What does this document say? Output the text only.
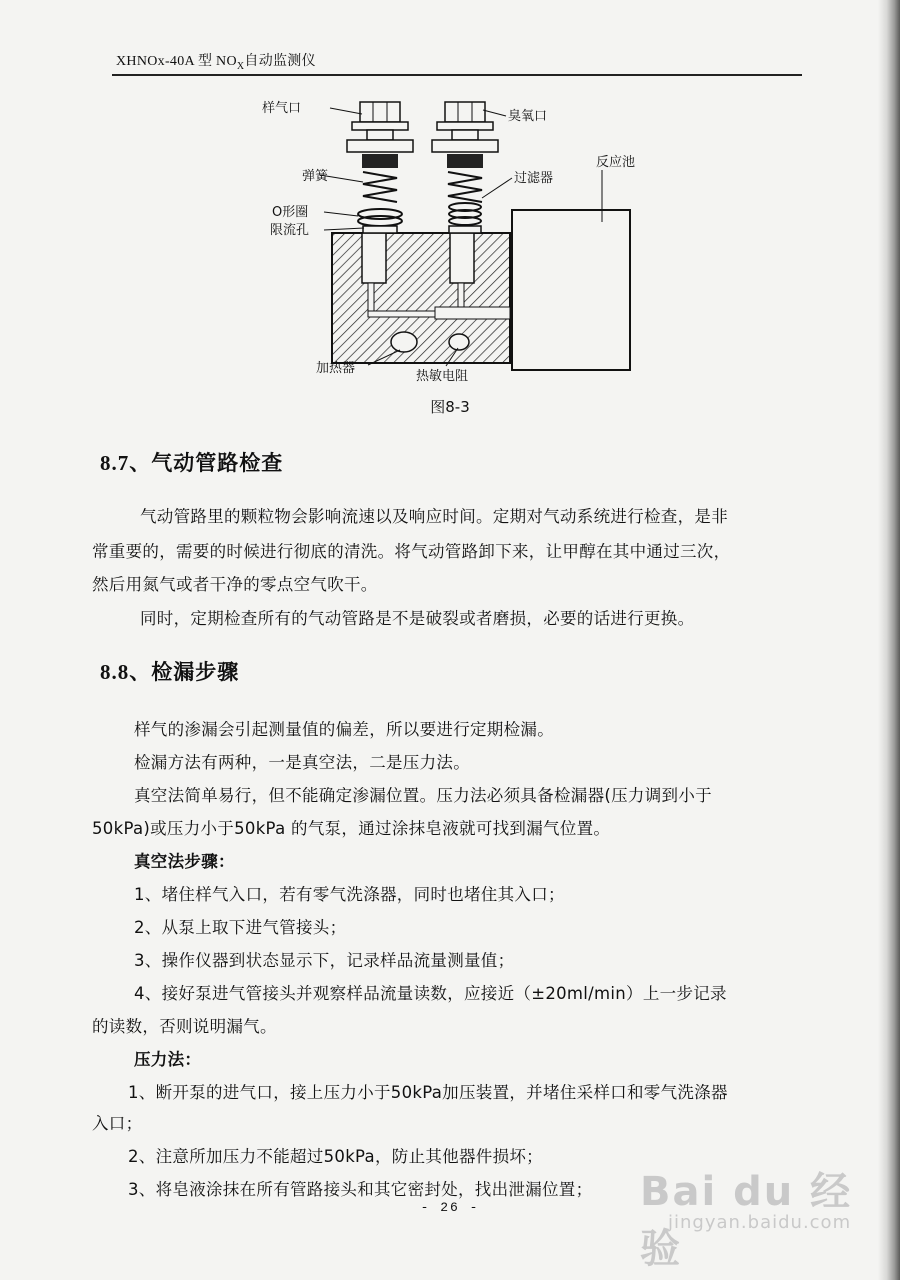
XHNOx-40A 型 $NO_X$自动监测仪
样气口
臭氧口
弹簧	过滤器
反应池
O形圈
限流孔
加热器
热敏电阻
图8-3
8.7、气动管路检查
气动管路里的颗粒物会影响流速以及响应时间。定期对气动系统进行检查，是非
常重要的，需要的时候进行彻底的清洗。将气动管路卸下来，让甲醇在其中通过三次，
然后用氮气或者干净的零点空气吹干。
同时，定期检查所有的气动管路是不是破裂或者磨损，必要的话进行更换。
8.8、检漏步骤
样气的渗漏会引起测量值的偏差，所以要进行定期检漏。
检漏方法有两种，一是真空法，二是压力法。
真空法简单易行，但不能确定渗漏位置。压力法必须具备检漏器(压力调到小于
50kPa)或压力小于50kPa 的气泵，通过涂抹皂液就可找到漏气位置。
真空法步骤：
1、堵住样气入口，若有零气洗涤器，同时也堵住其入口；
2、从泵上取下进气管接头；
3、操作仪器到状态显示下，记录样品流量测量值；
4、接好泵进气管接头并观察样品流量读数，应接近（±20ml/min）上一步记录
的读数，否则说明漏气。
压力法：
1、断开泵的进气口，接上压力小于50kPa加压装置，并堵住采样口和零气洗涤器
入口；
2、注意所加压力不能超过50kPa，防止其他器件损坏；
3、将皂液涂抹在所有管路接头和其它密封处，找出泄漏位置；
- 26 -	Bai du 经验
jingyan.baidu.com
